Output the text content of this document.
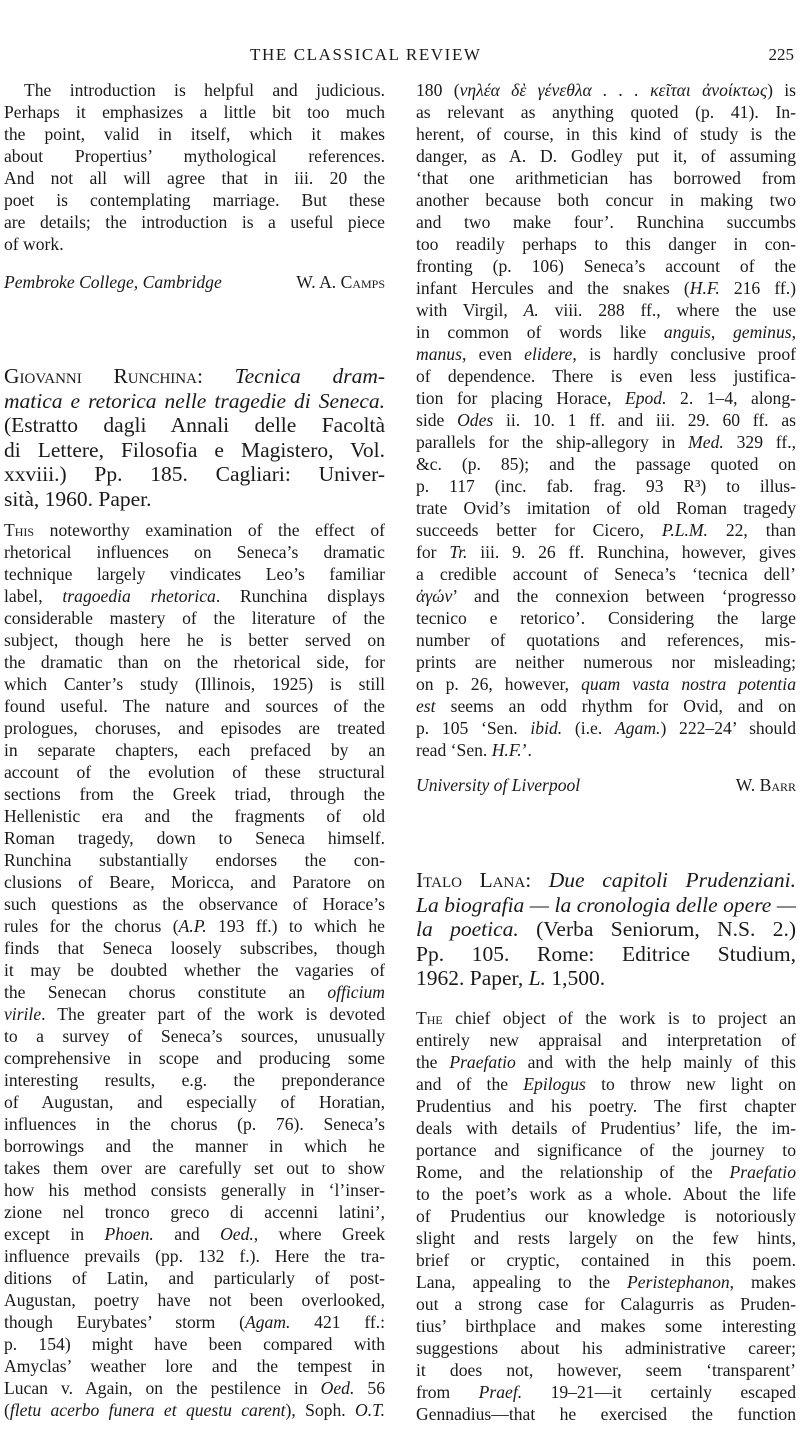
THE CLASSICAL REVIEW	225
The introduction is helpful and judicious.
Perhaps it emphasizes a little bit too much
the point, valid in itself, which it makes
about Propertius’ mythological references.
And not all will agree that in iii. 20 the
poet is contemplating marriage. But these
are details; the introduction is a useful piece
of work.
Pembroke College, Cambridge	W. A. Camps
Giovanni Runchina: Tecnica dram-
matica e retorica nelle tragedie di Seneca.
(Estratto dagli Annali delle Facoltà
di Lettere, Filosofia e Magistero, Vol.
xxviii.) Pp. 185. Cagliari: Univer-
sità, 1960. Paper.
This noteworthy examination of the effect of
rhetorical influences on Seneca’s dramatic
technique largely vindicates Leo’s familiar
label, tragoedia rhetorica. Runchina displays
considerable mastery of the literature of the
subject, though here he is better served on
the dramatic than on the rhetorical side, for
which Canter’s study (Illinois, 1925) is still
found useful. The nature and sources of the
prologues, choruses, and episodes are treated
in separate chapters, each prefaced by an
account of the evolution of these structural
sections from the Greek triad, through the
Hellenistic era and the fragments of old
Roman tragedy, down to Seneca himself.
Runchina substantially endorses the con-
clusions of Beare, Moricca, and Paratore on
such questions as the observance of Horace’s
rules for the chorus (A.P. 193 ff.) to which he
finds that Seneca loosely subscribes, though
it may be doubted whether the vagaries of
the Senecan chorus constitute an officium
virile. The greater part of the work is devoted
to a survey of Seneca’s sources, unusually
comprehensive in scope and producing some
interesting results, e.g. the preponderance
of Augustan, and especially of Horatian,
influences in the chorus (p. 76). Seneca’s
borrowings and the manner in which he
takes them over are carefully set out to show
how his method consists generally in ‘l’inser-
zione nel tronco greco di accenni latini’,
except in Phoen. and Oed., where Greek
influence prevails (pp. 132 f.). Here the tra-
ditions of Latin, and particularly of post-
Augustan, poetry have not been overlooked,
though Eurybates’ storm (Agam. 421 ff.:
p. 154) might have been compared with
Amyclas’ weather lore and the tempest in
Lucan v. Again, on the pestilence in Oed. 56
(fletu acerbo funera et questu carent), Soph. O.T.
180 (νηλέα δὲ γένεθλα . . . κεῖται ἀνοίκτως) is
as relevant as anything quoted (p. 41). In-
herent, of course, in this kind of study is the
danger, as A. D. Godley put it, of assuming
‘that one arithmetician has borrowed from
another because both concur in making two
and two make four’. Runchina succumbs
too readily perhaps to this danger in con-
fronting (p. 106) Seneca’s account of the
infant Hercules and the snakes (H.F. 216 ff.)
with Virgil, A. viii. 288 ff., where the use
in common of words like anguis, geminus,
manus, even elidere, is hardly conclusive proof
of dependence. There is even less justifica-
tion for placing Horace, Epod. 2. 1–4, along-
side Odes ii. 10. 1 ff. and iii. 29. 60 ff. as
parallels for the ship-allegory in Med. 329 ff.,
&c. (p. 85); and the passage quoted on
p. 117 (inc. fab. frag. 93 R³) to illus-
trate Ovid’s imitation of old Roman tragedy
succeeds better for Cicero, P.L.M. 22, than
for Tr. iii. 9. 26 ff. Runchina, however, gives
a credible account of Seneca’s ‘tecnica dell’
ἀγών’ and the connexion between ‘progresso
tecnico e retorico’. Considering the large
number of quotations and references, mis-
prints are neither numerous nor misleading;
on p. 26, however, quam vasta nostra potentia
est seems an odd rhythm for Ovid, and on
p. 105 ‘Sen. ibid. (i.e. Agam.) 222–24’ should
read ‘Sen. H.F.’.
University of Liverpool	W. Barr
Italo Lana: Due capitoli Prudenziani.
La biografia — la cronologia delle opere —
la poetica. (Verba Seniorum, N.S. 2.)
Pp. 105. Rome: Editrice Studium,
1962. Paper, L. 1,500.
The chief object of the work is to project an
entirely new appraisal and interpretation of
the Praefatio and with the help mainly of this
and of the Epilogus to throw new light on
Prudentius and his poetry. The first chapter
deals with details of Prudentius’ life, the im-
portance and significance of the journey to
Rome, and the relationship of the Praefatio
to the poet’s work as a whole. About the life
of Prudentius our knowledge is notoriously
slight and rests largely on the few hints,
brief or cryptic, contained in this poem.
Lana, appealing to the Peristephanon, makes
out a strong case for Calagurris as Pruden-
tius’ birthplace and makes some interesting
suggestions about his administrative career;
it does not, however, seem ‘transparent’
from Praef. 19–21—it certainly escaped
Gennadius—that he exercised the function
